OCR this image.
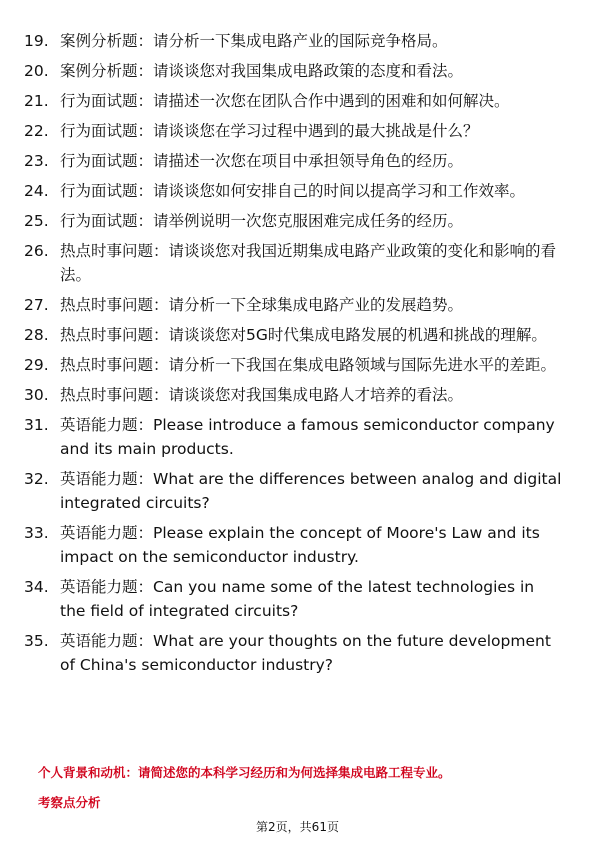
19. 案例分析题：请分析一下集成电路产业的国际竞争格局。
20. 案例分析题：请谈谈您对我国集成电路政策的态度和看法。
21. 行为面试题：请描述一次您在团队合作中遇到的困难和如何解决。
22. 行为面试题：请谈谈您在学习过程中遇到的最大挑战是什么？
23. 行为面试题：请描述一次您在项目中承担领导角色的经历。
24. 行为面试题：请谈谈您如何安排自己的时间以提高学习和工作效率。
25. 行为面试题：请举例说明一次您克服困难完成任务的经历。
26. 热点时事问题：请谈谈您对我国近期集成电路产业政策的变化和影响的看法。
27. 热点时事问题：请分析一下全球集成电路产业的发展趋势。
28. 热点时事问题：请谈谈您对5G时代集成电路发展的机遇和挑战的理解。
29. 热点时事问题：请分析一下我国在集成电路领域与国际先进水平的差距。
30. 热点时事问题：请谈谈您对我国集成电路人才培养的看法。
31. 英语能力题：Please introduce a famous semiconductor company and its main products.
32. 英语能力题：What are the differences between analog and digital integrated circuits?
33. 英语能力题：Please explain the concept of Moore's Law and its impact on the semiconductor industry.
34. 英语能力题：Can you name some of the latest technologies in the field of integrated circuits?
35. 英语能力题：What are your thoughts on the future development of China's semiconductor industry?
个人背景和动机：请简述您的本科学习经历和为何选择集成电路工程专业。
考察点分析
第2页，共61页
